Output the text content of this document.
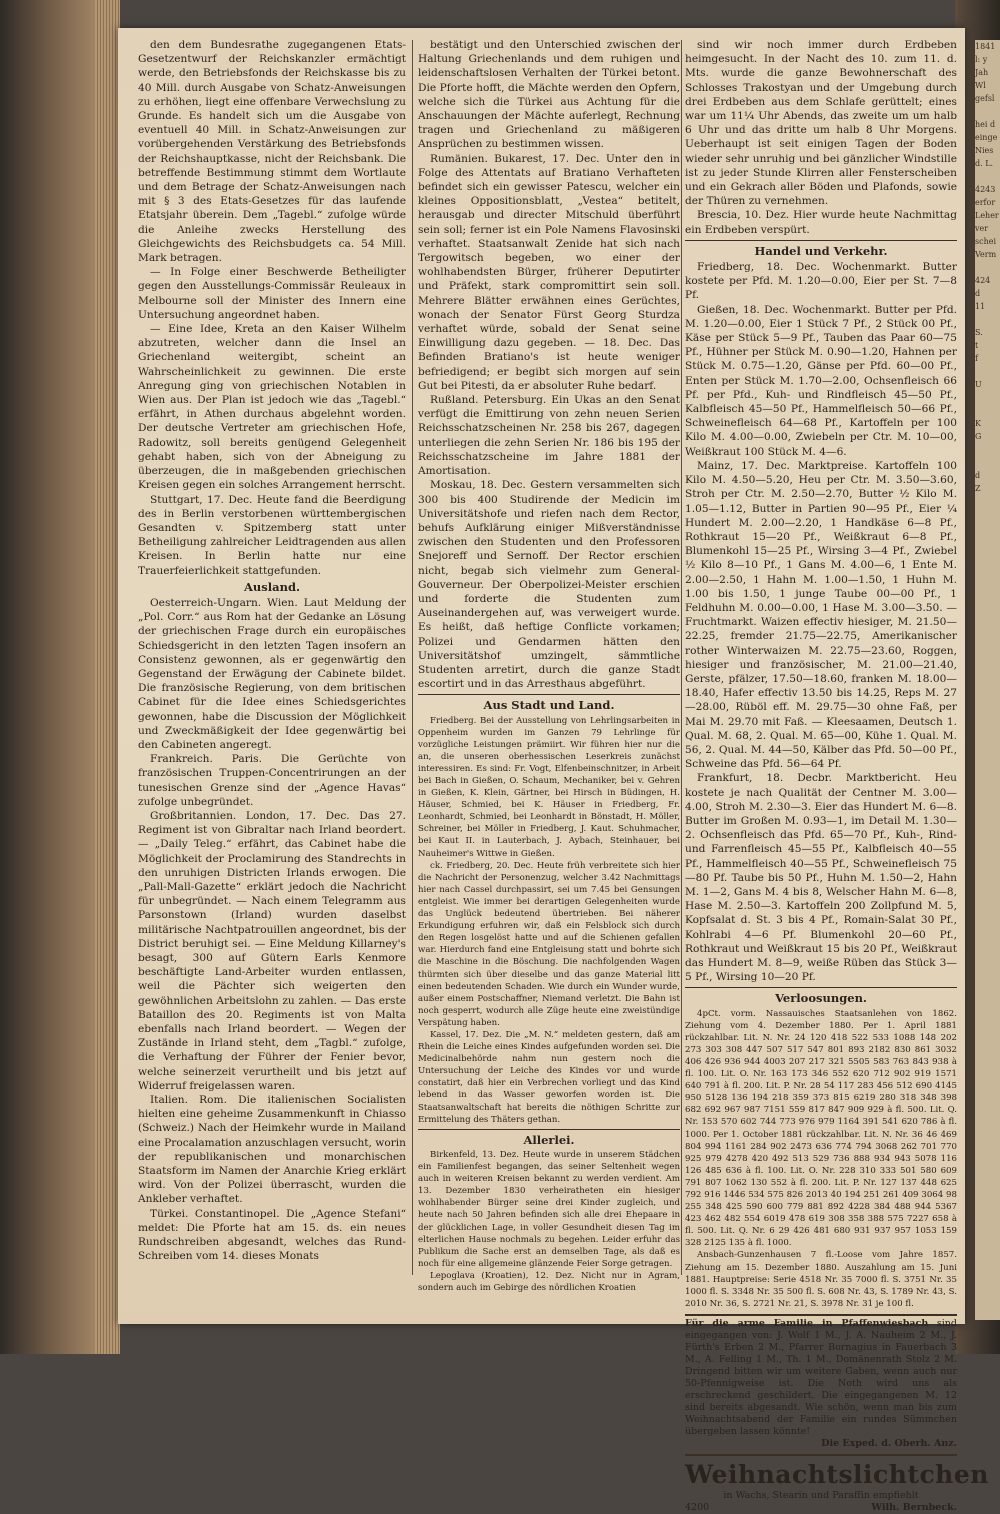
1841
l: y
Jah
Wl
gefsl

hei d
einge
Nies
d. L.

4243
erfor
Leher
ver
schei
Verm

424
d
11

S.
t
f

U

K
G

d
Z

den dem Bundesrathe zugegangenen Etats-Gesetzentwurf der Reichskanzler ermächtigt werde, den Betriebsfonds der Reichskasse bis zu 40 Mill. durch Ausgabe von Schatz-Anweisungen zu erhöhen, liegt eine offenbare Verwechslung zu Grunde. Es handelt sich um die Ausgabe von eventuell 40 Mill. in Schatz-Anweisungen zur vorübergehenden Verstärkung des Betriebsfonds der Reichshauptkasse, nicht der Reichsbank. Die betreffende Bestimmung stimmt dem Wortlaute und dem Betrage der Schatz-Anweisungen nach mit § 3 des Etats-Gesetzes für das laufende Etatsjahr überein. Dem „Tagebl.“ zufolge würde die Anleihe zwecks Herstellung des Gleichgewichts des Reichsbudgets ca. 54 Mill. Mark betragen.

— In Folge einer Beschwerde Betheiligter gegen den Ausstellungs-Commissär Reuleaux in Melbourne soll der Minister des Innern eine Untersuchung angeordnet haben.

— Eine Idee, Kreta an den Kaiser Wilhelm abzutreten, welcher dann die Insel an Griechenland weitergibt, scheint an Wahrscheinlichkeit zu gewinnen. Die erste Anregung ging von griechischen Notablen in Wien aus. Der Plan ist jedoch wie das „Tagebl.“ erfährt, in Athen durchaus abgelehnt worden. Der deutsche Vertreter am griechischen Hofe, Radowitz, soll bereits genügend Gelegenheit gehabt haben, sich von der Abneigung zu überzeugen, die in maßgebenden griechischen Kreisen gegen ein solches Arrangement herrscht.

Stuttgart, 17. Dec. Heute fand die Beerdigung des in Berlin verstorbenen württembergischen Gesandten v. Spitzemberg statt unter Betheiligung zahlreicher Leidtragenden aus allen Kreisen. In Berlin hatte nur eine Trauerfeierlichkeit stattgefunden.

Ausland.

Oesterreich-Ungarn. Wien. Laut Meldung der „Pol. Corr.“ aus Rom hat der Gedanke an Lösung der griechischen Frage durch ein europäisches Schiedsgericht in den letzten Tagen insofern an Consistenz gewonnen, als er gegenwärtig den Gegenstand der Erwägung der Cabinete bildet. Die französische Regierung, von dem britischen Cabinet für die Idee eines Schiedsgerichtes gewonnen, habe die Discussion der Möglichkeit und Zweckmäßigkeit der Idee gegenwärtig bei den Cabineten angeregt.

Frankreich. Paris. Die Gerüchte von französischen Truppen-Concentrirungen an der tunesischen Grenze sind der „Agence Havas“ zufolge unbegründet.

Großbritannien. London, 17. Dec. Das 27. Regiment ist von Gibraltar nach Irland beordert. — „Daily Teleg.“ erfährt, das Cabinet habe die Möglichkeit der Proclamirung des Standrechts in den unruhigen Districten Irlands erwogen. Die „Pall-Mall-Gazette“ erklärt jedoch die Nachricht für unbegründet. — Nach einem Telegramm aus Parsonstown (Irland) wurden daselbst militärische Nachtpatrouillen angeordnet, bis der District beruhigt sei. — Eine Meldung Killarney's besagt, 300 auf Gütern Earls Kenmore beschäftigte Land-Arbeiter wurden entlassen, weil die Pächter sich weigerten den gewöhnlichen Arbeitslohn zu zahlen. — Das erste Bataillon des 20. Regiments ist von Malta ebenfalls nach Irland beordert. — Wegen der Zustände in Irland steht, dem „Tagbl.“ zufolge, die Verhaftung der Führer der Fenier bevor, welche seinerzeit verurtheilt und bis jetzt auf Widerruf freigelassen waren.

Italien. Rom. Die italienischen Socialisten hielten eine geheime Zusammenkunft in Chiasso (Schweiz.) Nach der Heimkehr wurde in Mailand eine Procalamation anzuschlagen versucht, worin der republikanischen und monarchischen Staatsform im Namen der Anarchie Krieg erklärt wird. Von der Polizei überrascht, wurden die Ankleber verhaftet.

Türkei. Constantinopel. Die „Agence Stefani“ meldet: Die Pforte hat am 15. ds. ein neues Rundschreiben abgesandt, welches das Rund-Schreiben vom 14. dieses Monats

bestätigt und den Unterschied zwischen der Haltung Griechenlands und dem ruhigen und leidenschaftslosen Verhalten der Türkei betont. Die Pforte hofft, die Mächte werden den Opfern, welche sich die Türkei aus Achtung für die Anschauungen der Mächte auferlegt, Rechnung tragen und Griechenland zu mäßigeren Ansprüchen zu bestimmen wissen.

Rumänien. Bukarest, 17. Dec. Unter den in Folge des Attentats auf Bratiano Verhafteten befindet sich ein gewisser Patescu, welcher ein kleines Oppositionsblatt, „Vestea“ betitelt, herausgab und directer Mitschuld überführt sein soll; ferner ist ein Pole Namens Flavosinski verhaftet. Staatsanwalt Zenide hat sich nach Tergowitsch begeben, wo einer der wohlhabendsten Bürger, früherer Deputirter und Präfekt, stark compromittirt sein soll. Mehrere Blätter erwähnen eines Gerüchtes, wonach der Senator Fürst Georg Sturdza verhaftet würde, sobald der Senat seine Einwilligung dazu gegeben. — 18. Dec. Das Befinden Bratiano's ist heute weniger befriedigend; er begibt sich morgen auf sein Gut bei Pitesti, da er absoluter Ruhe bedarf.

Rußland. Petersburg. Ein Ukas an den Senat verfügt die Emittirung von zehn neuen Serien Reichsschatzscheinen Nr. 258 bis 267, dagegen unterliegen die zehn Serien Nr. 186 bis 195 der Reichsschatzscheine im Jahre 1881 der Amortisation.

Moskau, 18. Dec. Gestern versammelten sich 300 bis 400 Studirende der Medicin im Universitätshofe und riefen nach dem Rector, behufs Aufklärung einiger Mißverständnisse zwischen den Studenten und den Professoren Snejoreff und Sernoff. Der Rector erschien nicht, begab sich vielmehr zum General-Gouverneur. Der Oberpolizei-Meister erschien und forderte die Studenten zum Auseinandergehen auf, was verweigert wurde. Es heißt, daß heftige Conflicte vorkamen; Polizei und Gendarmen hätten den Universitätshof umzingelt, sämmtliche Studenten arretirt, durch die ganze Stadt escortirt und in das Arresthaus abgeführt.

Aus Stadt und Land.

Friedberg. Bei der Ausstellung von Lehrlingsarbeiten in Oppenheim wurden im Ganzen 79 Lehrlinge für vorzügliche Leistungen prämiirt. Wir führen hier nur die an, die unseren oberhessischen Leserkreis zunächst interessiren. Es sind: Fr. Vogt, Elfenbeinschnitzer, in Arbeit bei Bach in Gießen, O. Schaum, Mechaniker, bei v. Gehren in Gießen, K. Klein, Gärtner, bei Hirsch in Büdingen, H. Häuser, Schmied, bei K. Häuser in Friedberg, Fr. Leonhardt, Schmied, bei Leonhardt in Bönstadt, H. Möller, Schreiner, bei Möller in Friedberg, J. Kaut. Schuhmacher, bei Kaut II. in Lauterbach, J. Aybach, Steinhauer, bei Nauheimer's Wittwe in Gießen.

ck. Friedberg, 20. Dec. Heute früh verbreitete sich hier die Nachricht der Personenzug, welcher 3.42 Nachmittags hier nach Cassel durchpassirt, sei um 7.45 bei Gensungen entgleist. Wie immer bei derartigen Gelegenheiten wurde das Unglück bedeutend übertrieben. Bei näherer Erkundigung erfuhren wir, daß ein Felsblock sich durch den Regen losgelöst hatte und auf die Schienen gefallen war. Hierdurch fand eine Entgleisung statt und bohrte sich die Maschine in die Böschung. Die nachfolgenden Wagen thürmten sich über dieselbe und das ganze Material litt einen bedeutenden Schaden. Wie durch ein Wunder wurde, außer einem Postschaffner, Niemand verletzt. Die Bahn ist noch gesperrt, wodurch alle Züge heute eine zweistündige Verspätung haben.

Kassel, 17. Dez. Die „M. N.“ meldeten gestern, daß am Rhein die Leiche eines Kindes aufgefunden worden sei. Die Medicinalbehörde nahm nun gestern noch die Untersuchung der Leiche des Kindes vor und wurde constatirt, daß hier ein Verbrechen vorliegt und das Kind lebend in das Wasser geworfen worden ist. Die Staatsanwaltschaft hat bereits die nöthigen Schritte zur Ermittelung des Thäters gethan.

Allerlei.

Birkenfeld, 13. Dez. Heute wurde in unserem Städchen ein Familienfest begangen, das seiner Seltenheit wegen auch in weiteren Kreisen bekannt zu werden verdient. Am 13. Dezember 1830 verheiratheten ein hiesiger wohlhabender Bürger seine drei Kinder zugleich, und heute nach 50 Jahren befinden sich alle drei Ehepaare in der glücklichen Lage, in voller Gesundheit diesen Tag im elterlichen Hause nochmals zu begehen. Leider erfuhr das Publikum die Sache erst an demselben Tage, als daß es noch für eine allgemeine glänzende Feier Sorge getragen.

Lepoglava (Kroatien), 12. Dez. Nicht nur in Agram, sondern auch im Gebirge des nördlichen Kroatien

sind wir noch immer durch Erdbeben heimgesucht. In der Nacht des 10. zum 11. d. Mts. wurde die ganze Bewohnerschaft des Schlosses Trakostyan und der Umgebung durch drei Erdbeben aus dem Schlafe gerüttelt; eines war um 11¼ Uhr Abends, das zweite um um halb 6 Uhr und das dritte um halb 8 Uhr Morgens. Ueberhaupt ist seit einigen Tagen der Boden wieder sehr unruhig und bei gänzlicher Windstille ist zu jeder Stunde Klirren aller Fensterscheiben und ein Gekrach aller Böden und Plafonds, sowie der Thüren zu vernehmen.

Brescia, 10. Dez. Hier wurde heute Nachmittag ein Erdbeben verspürt.

Handel und Verkehr.

Friedberg, 18. Dec. Wochenmarkt. Butter kostete per Pfd. M. 1.20—0.00, Eier per St. 7—8 Pf.

Gießen, 18. Dec. Wochenmarkt. Butter per Pfd. M. 1.20—0.00, Eier 1 Stück 7 Pf., 2 Stück 00 Pf., Käse per Stück 5—9 Pf., Tauben das Paar 60—75 Pf., Hühner per Stück M. 0.90—1.20, Hahnen per Stück M. 0.75—1.20, Gänse per Pfd. 60—00 Pf., Enten per Stück M. 1.70—2.00, Ochsenfleisch 66 Pf. per Pfd., Kuh- und Rindfleisch 45—50 Pf., Kalbfleisch 45—50 Pf., Hammelfleisch 50—66 Pf., Schweinefleisch 64—68 Pf., Kartoffeln per 100 Kilo M. 4.00—0.00, Zwiebeln per Ctr. M. 10—00, Weißkraut 100 Stück M. 4—6.

Mainz, 17. Dec. Marktpreise. Kartoffeln 100 Kilo M. 4.50—5.20, Heu per Ctr. M. 3.50—3.60, Stroh per Ctr. M. 2.50—2.70, Butter ½ Kilo M. 1.05—1.12, Butter in Partien 90—95 Pf., Eier ¼ Hundert M. 2.00—2.20, 1 Handkäse 6—8 Pf., Rothkraut 15—20 Pf., Weißkraut 6—8 Pf., Blumenkohl 15—25 Pf., Wirsing 3—4 Pf., Zwiebel ½ Kilo 8—10 Pf., 1 Gans M. 4.00—6, 1 Ente M. 2.00—2.50, 1 Hahn M. 1.00—1.50, 1 Huhn M. 1.00 bis 1.50, 1 junge Taube 00—00 Pf., 1 Feldhuhn M. 0.00—0.00, 1 Hase M. 3.00—3.50. — Fruchtmarkt. Waizen effectiv hiesiger, M. 21.50—22.25, fremder 21.75—22.75, Amerikanischer rother Winterwaizen M. 22.75—23.60, Roggen, hiesiger und französischer, M. 21.00—21.40, Gerste, pfälzer, 17.50—18.60, franken M. 18.00—18.40, Hafer effectiv 13.50 bis 14.25, Reps M. 27—28.00, Rüböl eff. M. 29.75—30 ohne Faß, per Mai M. 29.70 mit Faß. — Kleesaamen, Deutsch 1. Qual. M. 68, 2. Qual. M. 65—00, Kühe 1. Qual. M. 56, 2. Qual. M. 44—50, Kälber das Pfd. 50—00 Pf., Schweine das Pfd. 56—64 Pf.

Frankfurt, 18. Decbr. Marktbericht. Heu kostete je nach Qualität der Centner M. 3.00—4.00, Stroh M. 2.30—3. Eier das Hundert M. 6—8. Butter im Großen M. 0.93—1, im Detail M. 1.30—2. Ochsenfleisch das Pfd. 65—70 Pf., Kuh-, Rind- und Farrenfleisch 45—55 Pf., Kalbfleisch 40—55 Pf., Hammelfleisch 40—55 Pf., Schweinefleisch 75—80 Pf. Taube bis 50 Pf., Huhn M. 1.50—2, Hahn M. 1—2, Gans M. 4 bis 8, Welscher Hahn M. 6—8, Hase M. 2.50—3. Kartoffeln 200 Zollpfund M. 5, Kopfsalat d. St. 3 bis 4 Pf., Romain-Salat 30 Pf., Kohlrabi 4—6 Pf. Blumenkohl 20—60 Pf., Rothkraut und Weißkraut 15 bis 20 Pf., Weißkraut das Hundert M. 8—9, weiße Rüben das Stück 3—5 Pf., Wirsing 10—20 Pf.

Verloosungen.

4pCt. vorm. Nassauisches Staatsanlehen von 1862. Ziehung vom 4. Dezember 1880. Per 1. April 1881 rückzahlbar. Lit. N. Nr. 24 120 418 522 533 1088 148 202 273 303 308 447 507 517 547 801 893 2182 830 861 3032 406 426 936 944 4003 207 217 321 5505 583 763 843 938 à fl. 100. Lit. O. Nr. 163 173 346 552 620 712 902 919 1571 640 791 à fl. 200. Lit. P. Nr. 28 54 117 283 456 512 690 4145 950 5128 136 194 218 359 373 815 6219 280 318 348 398 682 692 967 987 7151 559 817 847 909 929 à fl. 500. Lit. Q. Nr. 153 570 602 744 773 976 979 1164 391 541 620 786 à fl. 1000. Per 1. October 1881 rückzahlbar. Lit. N. Nr. 36 46 469 804 994 1161 284 902 2473 636 774 794 3068 262 701 770 925 979 4278 420 492 513 529 736 888 934 943 5078 116 126 485 636 à fl. 100. Lit. O. Nr. 228 310 333 501 580 609 791 807 1062 130 552 à fl. 200. Lit. P. Nr. 127 137 448 625 792 916 1446 534 575 826 2013 40 194 251 261 409 3064 98 255 348 425 590 600 779 881 892 4228 384 488 944 5367 423 462 482 554 6019 478 619 308 358 388 575 7227 658 à fl. 500. Lit. Q. Nr. 6 29 426 481 680 931 937 957 1053 159 328 2125 135 à fl. 1000.

Ansbach-Gunzenhausen 7 fl.-Loose vom Jahre 1857. Ziehung am 15. Dezember 1880. Auszahlung am 15. Juni 1881. Hauptpreise: Serie 4518 Nr. 35 7000 fl. S. 3751 Nr. 35 1000 fl. S. 3348 Nr. 35 500 fl. S. 608 Nr. 43, S. 1789 Nr. 43, S. 2010 Nr. 36, S. 2721 Nr. 21, S. 3978 Nr. 31 je 100 fl.

Für die arme Familie in Pfaffenwiesbach sind eingegangen von: J. Wolf 1 M., J. A. Nauheim 2 M., J. Fürth's Erben 2 M., Pfarrer Bornagius in Fauerbach 3 M., A. Felling 1 M., Th. 1 M., Domänenrath Stolz 2 M. Dringend bitten wir um weitere Gaben, wenn auch nur 50-Pfennigweise ist. Die Noth wird uns als erschreckend geschildert. Die eingegangenen M. 12 sind bereits abgesandt. Wie schön, wenn man bis zum Weihnachtsabend der Familie ein rundes Sümmchen übergeben lassen könnte!

Die Exped. d. Oberh. Anz.

Weihnachtslichtchen

in Wachs, Stearin und Paraffin empfiehlt

4200	Wilh. Bernbeck.
